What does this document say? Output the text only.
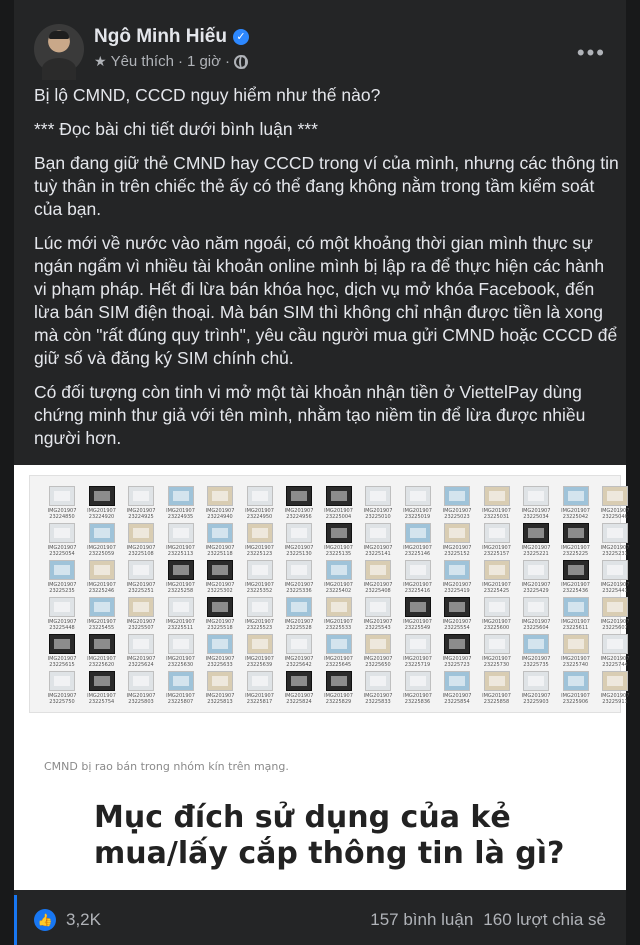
Ngô Minh Hiếu ✓
★ Yêu thích · 1 giờ ·	•••

Bị lộ CMND, CCCD nguy hiểm như thế nào?

*** Đọc bài chi tiết dưới bình luận ***

Bạn đang giữ thẻ CMND hay CCCD trong ví của mình, nhưng các thông tin tuỳ thân in trên chiếc thẻ ấy có thể đang không nằm trong tầm kiểm soát của bạn.

Lúc mới về nước vào năm ngoái, có một khoảng thời gian mình thực sự ngán ngẩm vì nhiều tài khoản online mình bị lập ra để thực hiện các hành vi phạm pháp. Hết đi lừa bán khóa học, dịch vụ mở khóa Facebook, đến lừa bán SIM điện thoại. Mà bán SIM thì không chỉ nhận được tiền là xong mà còn "rất đúng quy trình", yêu cầu người mua gửi CMND hoặc CCCD để giữ số và đăng ký SIM chính chủ.

Có đối tượng còn tinh vi mở một tài khoản nhận tiền ở ViettelPay dùng chứng minh thư giả với tên mình, nhằm tạo niềm tin để lừa được nhiều người hơn.

IMG201907
23224850
IMG201907
23224920
IMG201907
23224925
IMG201907
23224935
IMG201907
23224940
IMG201907
23224950
IMG201907
23224956
IMG201907
23225004
IMG201907
23225010
IMG201907
23225019
IMG201907
23225023
IMG201907
23225031
IMG201907
23225034
IMG201907
23225042
IMG201907
23225046
IMG201907
23225054
IMG201907
23225059
IMG201907
23225108
IMG201907
23225113
IMG201907
23225118
IMG201907
23225123
IMG201907
23225130
IMG201907
23225135
IMG201907
23225141
IMG201907
23225146
IMG201907
23225152
IMG201907
23225157
IMG201907
23225221
IMG201907
23225225
IMG201907
23225231
IMG201907
23225235
IMG201907
23225246
IMG201907
23225251
IMG201907
23225258
IMG201907
23225302
IMG201907
23225352
IMG201907
23225336
IMG201907
23225402
IMG201907
23225408
IMG201907
23225416
IMG201907
23225419
IMG201907
23225425
IMG201907
23225429
IMG201907
23225436
IMG201907
23225441
IMG201907
23225448
IMG201907
23225455
IMG201907
23225507
IMG201907
23225511
IMG201907
23225518
IMG201907
23225523
IMG201907
23225528
IMG201907
23225533
IMG201907
23225543
IMG201907
23225549
IMG201907
23225554
IMG201907
23225600
IMG201907
23225604
IMG201907
23225611
IMG201907
23225607
IMG201907
23225615
IMG201907
23225620
IMG201907
23225624
IMG201907
23225630
IMG201907
23225633
IMG201907
23225639
IMG201907
23225642
IMG201907
23225645
IMG201907
23225650
IMG201907
23225719
IMG201907
23225723
IMG201907
23225730
IMG201907
23225735
IMG201907
23225740
IMG201907
23225744
IMG201907
23225750
IMG201907
23225754
IMG201907
23225803
IMG201907
23225807
IMG201907
23225813
IMG201907
23225817
IMG201907
23225824
IMG201907
23225829
IMG201907
23225833
IMG201907
23225836
IMG201907
23225854
IMG201907
23225858
IMG201907
23225903
IMG201907
23225906
IMG201907
23225911
CMND bị rao bán trong nhóm kín trên mạng.
Mục đích sử dụng của kẻ mua/lấy cắp thông tin là gì?
👍 3,2K	157 bình luận 160 lượt chia sẻ
